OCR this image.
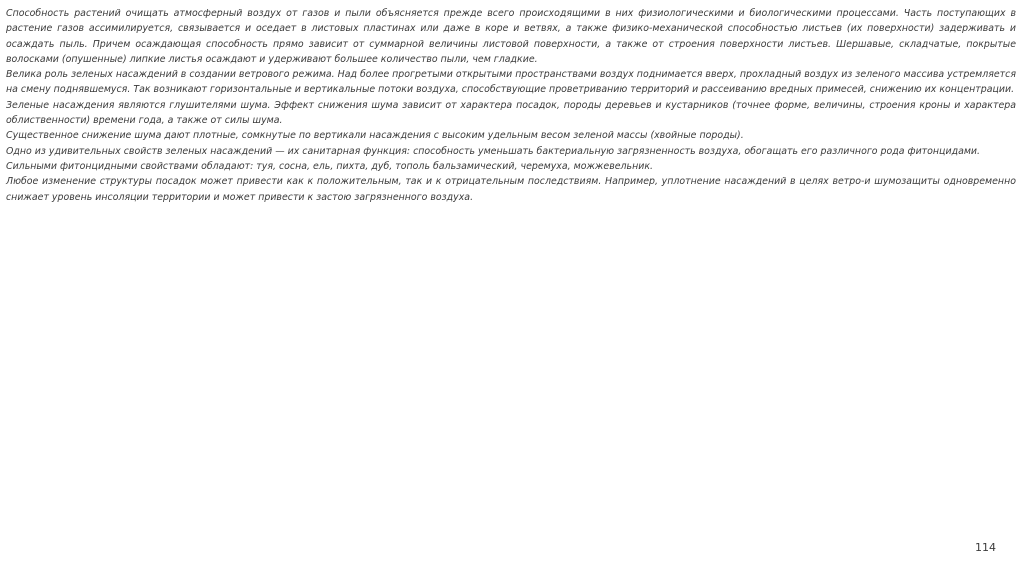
Способность растений очищать атмосферный воздух от газов и пыли объясняется прежде всего происходящими в них физиологическими и биологическими процессами. Часть поступающих в растение газов ассимилируется, связывается и оседает в листовых пластинах или даже в коре и ветвях, а также физико-механической способностью листьев (их поверхности) задерживать и осаждать пыль. Причем осаждающая способность прямо зависит от суммарной величины листовой поверхности, а также от строения поверхности листьев. Шершавые, складчатые, покрытые волосками (опушенные) липкие листья осаждают и удерживают большее количество пыли, чем гладкие.

Велика роль зеленых насаждений в создании ветрового режима. Над более прогретыми открытыми пространствами воздух поднимается вверх, прохладный воздух из зеленого массива устремляется на смену поднявшемуся. Так возникают горизонтальные и вертикальные потоки воздуха, способствующие проветриванию территорий и рассеиванию вредных примесей, снижению их концентрации.

Зеленые насаждения являются глушителями шума. Эффект снижения шума зависит от характера посадок, породы деревьев и кустарников (точнее форме, величины, строения кроны и характера облиственности) времени года, а также от силы шума.

Существенное снижение шума дают плотные, сомкнутые по вертикали насаждения с высоким удельным весом зеленой массы (хвойные породы).

Одно из удивительных свойств зеленых насаждений — их санитарная функция: способность уменьшать бактериальную загрязненность воздуха, обогащать его различного рода фитонцидами.

Сильными фитонцидными свойствами обладают: туя, сосна, ель, пихта, дуб, тополь бальзамический, черемуха, можжевельник.

Любое изменение структуры посадок может привести как к положительным, так и к отрицательным последствиям. Например, уплотнение насаждений в целях ветро-и шумозащиты одновременно снижает уровень инсоляции территории и может привести к застою загрязненного воздуха.

114
